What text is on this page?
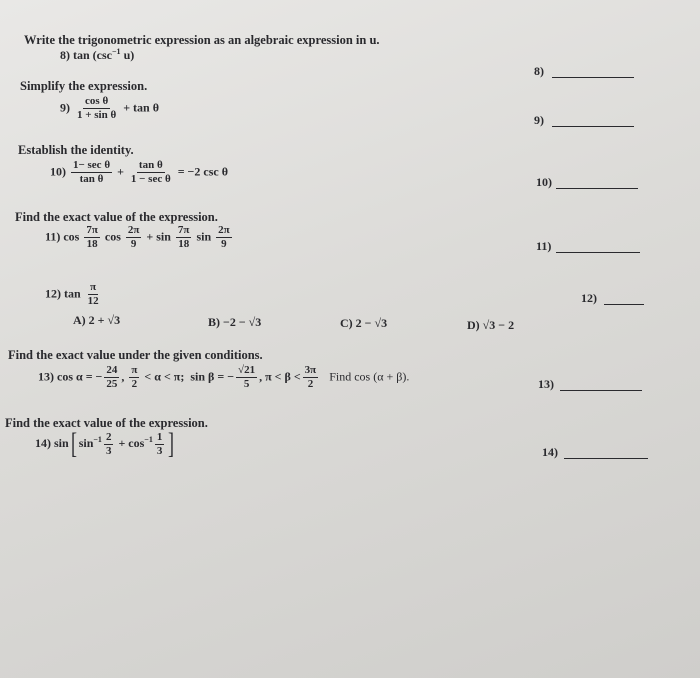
Write the trigonometric expression as an algebraic expression in u.
8) $\tan (\csc^{-1}$ u)
Simplify the expression.
$9) \frac{\text{cos θ}}{\text{1 + sin θ}} + \tan \theta$
Establish the identity.
$10) \frac{\text{1− sec θ}}{\text{tan θ}} + \frac{\text{tan θ}}{\text{1 − sec θ}} = -2$ csc θ
Find the exact value of the expression.
11) $\cos \frac{7\pi}{18}$ $\cos \frac{2\pi}{9} + \sin \frac{7\pi}{18}$ $\sin \frac{2\pi}{9}$
12) $\tan \frac{\pi}{12}$
A) 2 + √3	B) −2 − √3	C) 2 − √3	D) √3 − 2
Find the exact value under the given conditions.
13) cos α = − $\frac{24}{25}$ , $\frac{\pi}{2} < \alpha < \pi$; sin β = − $\frac{√21}{5}$ , $\pi < \beta < \frac{3\pi}{2}$ Find cos (α + β).
Find the exact value of the expression.
14) sin[ $\sin^{-1} \frac{2}{3} + \cos^{-1} \frac{1}{3}$ ]
8)
9)
10)
11)
12)
13)
14)
